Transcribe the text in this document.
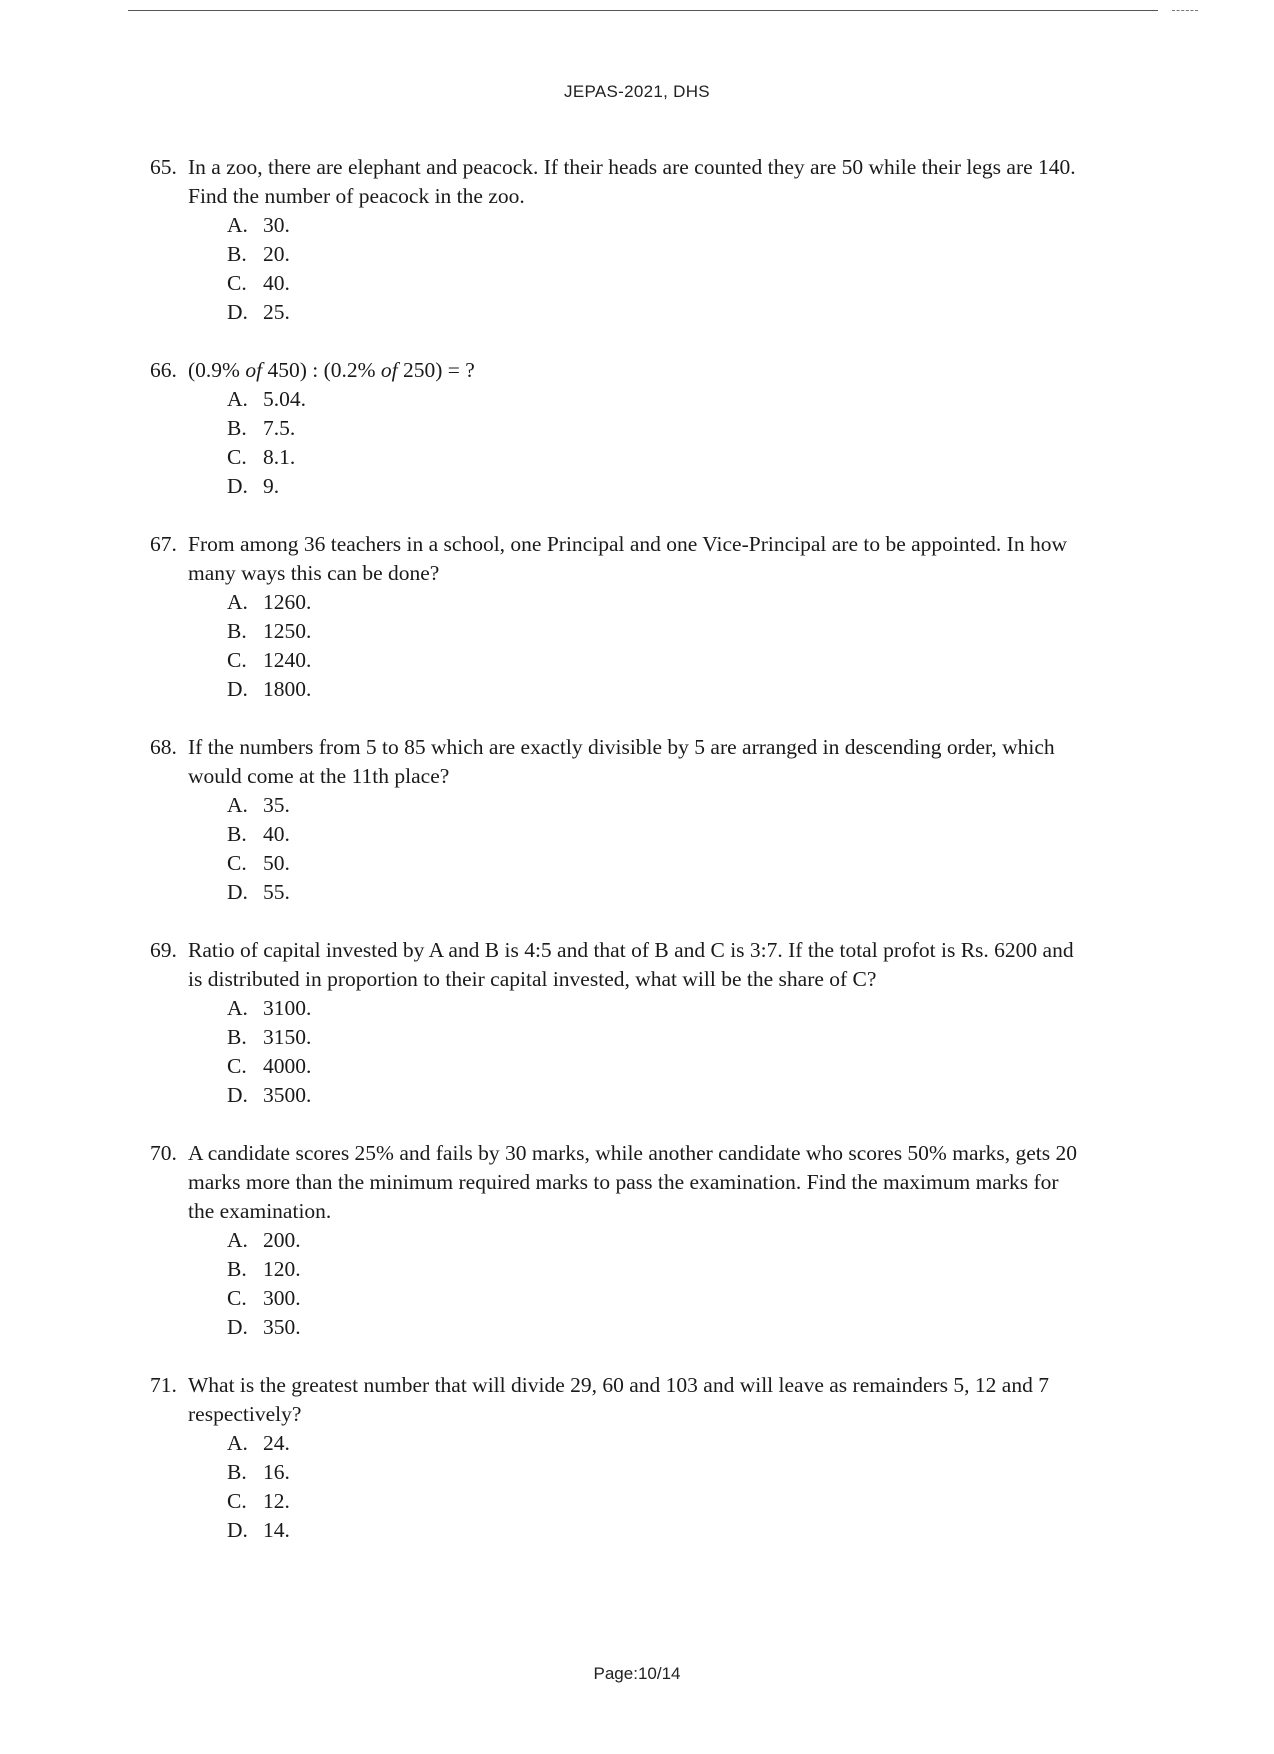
JEPAS-2021, DHS
65. In a zoo, there are elephant and peacock. If their heads are counted they are 50 while their legs are 140. Find the number of peacock in the zoo.
A. 30.
B. 20.
C. 40.
D. 25.
66. (0.9% of 450) : (0.2% of 250) = ?
A. 5.04.
B. 7.5.
C. 8.1.
D. 9.
67. From among 36 teachers in a school, one Principal and one Vice-Principal are to be appointed. In how many ways this can be done?
A. 1260.
B. 1250.
C. 1240.
D. 1800.
68. If the numbers from 5 to 85 which are exactly divisible by 5 are arranged in descending order, which would come at the 11th place?
A. 35.
B. 40.
C. 50.
D. 55.
69. Ratio of capital invested by A and B is 4:5 and that of B and C is 3:7. If the total profot is Rs. 6200 and is distributed in proportion to their capital invested, what will be the share of C?
A. 3100.
B. 3150.
C. 4000.
D. 3500.
70. A candidate scores 25% and fails by 30 marks, while another candidate who scores 50% marks, gets 20 marks more than the minimum required marks to pass the examination. Find the maximum marks for the examination.
A. 200.
B. 120.
C. 300.
D. 350.
71. What is the greatest number that will divide 29, 60 and 103 and will leave as remainders 5, 12 and 7 respectively?
A. 24.
B. 16.
C. 12.
D. 14.
Page:10/14
